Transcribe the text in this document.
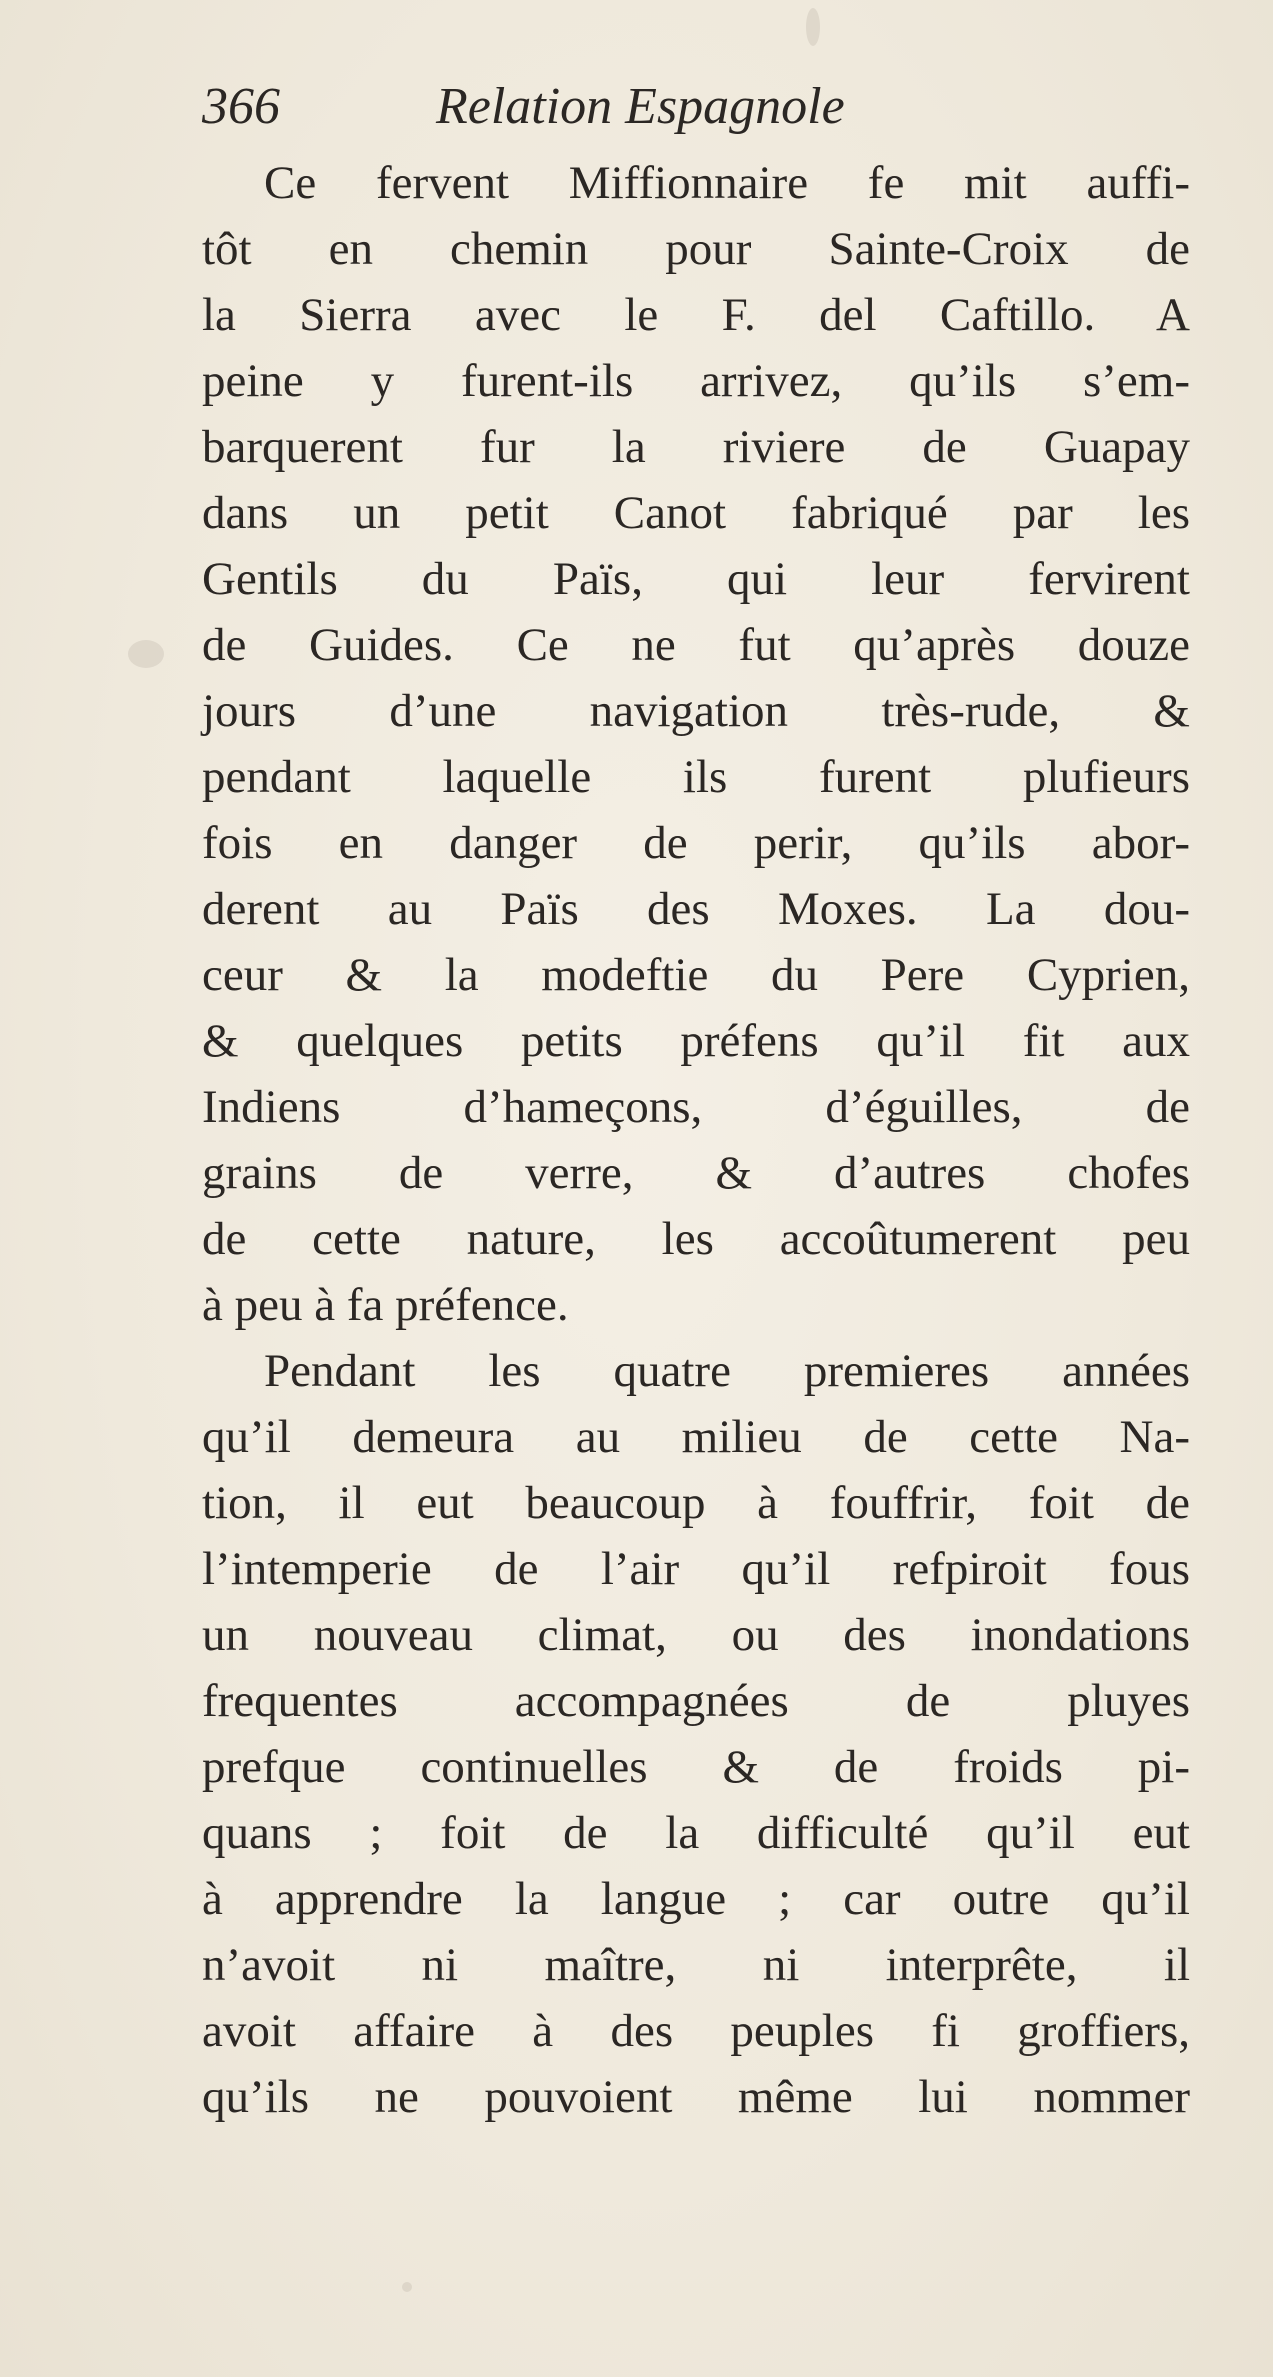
366	Relation Espagnole
Ce fervent Miffionnaire fe mit auffi-
tôt en chemin pour Sainte-Croix de
la Sierra avec le F. del Caftillo. A
peine y furent-ils arrivez, qu’ils s’em-
barquerent fur la riviere de Guapay
dans un petit Canot fabriqué par les
Gentils du Païs, qui leur fervirent
de Guides. Ce ne fut qu’après douze
jours d’une navigation très-rude, &
pendant laquelle ils furent plufieurs
fois en danger de perir, qu’ils abor-
derent au Païs des Moxes. La dou-
ceur & la modeftie du Pere Cyprien,
& quelques petits préfens qu’il fit aux
Indiens d’hameçons, d’éguilles, de
grains de verre, & d’autres chofes
de cette nature, les accoûtumerent peu
à peu à fa préfence.
Pendant les quatre premieres années
qu’il demeura au milieu de cette Na-
tion, il eut beaucoup à fouffrir, foit de
l’intemperie de l’air qu’il refpiroit fous
un nouveau climat, ou des inondations
frequentes accompagnées de pluyes
prefque continuelles & de froids pi-
quans ; foit de la difficulté qu’il eut
à apprendre la langue ; car outre qu’il
n’avoit ni maître, ni interprête, il
avoit affaire à des peuples fi groffiers,
qu’ils ne pouvoient même lui nommer
